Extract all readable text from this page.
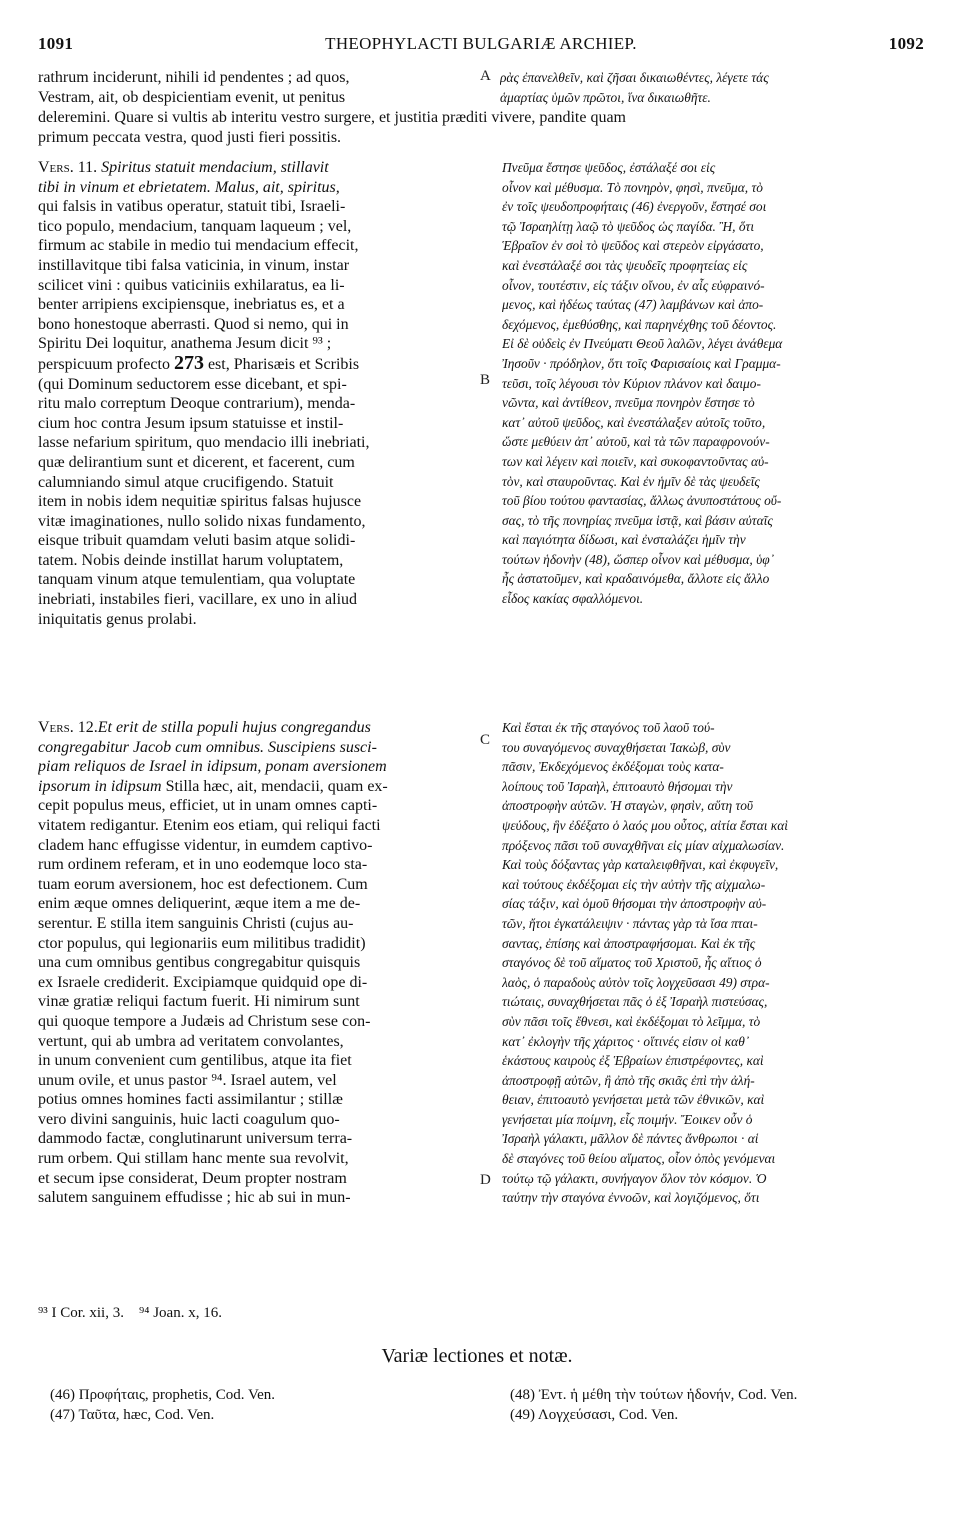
1091	THEOPHYLACTI BULGARIÆ ARCHIEP.	1092
rathrum inciderunt, nihili id pendentes ; ad quos,
Vestram, ait, ob despicientiam evenit, ut penitus
A ρὰς ἐπανελθεῖν, καὶ ζῆσαι δικαιωθέντες, λέγετε τάς
ἁμαρτίας ὑμῶν πρῶτοι, ἵνα δικαιωθῆτε.
deleremini. Quare si vultis ab interitu vestro surgere, et justitia præditi vivere, pandite quam
primum peccata vestra, quod justi fieri possitis.
Vers. 11. Spiritus statuit mendacium, stillavit
tibi in vinum et ebrietatem. Malus, ait, spiritus,
qui falsis in vatibus operatur, statuit tibi, Israeli-
tico populo, mendacium, tanquam laqueum ; vel,
firmum ac stabile in medio tui mendacium effecit,
instillavitque tibi falsa vaticinia, in vinum, instar
scilicet vini : quibus vaticiniis exhilaratus, ea li-
benter arripiens excipiensque, inebriatus es, et a
bono honestoque aberrasti. Quod si nemo, qui in
Spiritu Dei loquitur, anathema Jesum dicit ⁹³ ;
perspicuum profecto 273 est, Pharisæis et Scribis
(qui Dominum seductorem esse dicebant, et spi-
ritu malo correptum Deoque contrarium), menda-
cium hoc contra Jesum ipsum statuisse et instil-
lasse nefarium spiritum, quo mendacio illi inebriati,
quæ delirantium sunt et dicerent, et facerent, cum
calumniando simul atque crucifigendo. Statuit
item in nobis idem nequitiæ spiritus falsas hujusce
vitæ imaginationes, nullo solido nixas fundamento,
eisque tribuit quamdam veluti basim atque solidi-
tatem. Nobis deinde instillat harum voluptatem,
tanquam vinum atque temulentiam, qua voluptate
inebriati, instabiles fieri, vacillare, ex uno in aliud
iniquitatis genus prolabi.
B
Πνεῦμα ἔστησε ψεῦδος, ἐστάλαξέ σοι εἰς
οἶνον καὶ μέθυσμα. Τὸ πονηρὸν, φησὶ, πνεῦμα, τὸ
ἐν τοῖς ψευδοπροφήταις (46) ἐνεργοῦν, ἔστησέ σοι
τῷ Ἰσραηλίτῃ λαῷ τὸ ψεῦδος ὡς παγίδα. Ἢ, ὅτι
Ἑβραῖον ἐν σοὶ τὸ ψεῦδος καὶ στερεὸν εἰργάσατο,
καὶ ἐνεστάλαξέ σοι τὰς ψευδεῖς προφητείας εἰς
οἶνον, τουτέστιν, εἰς τάξιν οἴνου, ἐν αἷς εὐφραινό-
μενος, καὶ ἡδέως ταύτας (47) λαμβάνων καὶ ἀπο-
δεχόμενος, ἐμεθύσθης, καὶ παρηνέχθης τοῦ δέοντος.
Εἰ δὲ οὐδεὶς ἐν Πνεύματι Θεοῦ λαλῶν, λέγει ἀνάθεμα
Ἰησοῦν · πρόδηλον, ὅτι τοῖς Φαρισαίοις καὶ Γραμμα-
τεῦσι, τοῖς λέγουσι τὸν Κύριον πλάνον καὶ δαιμο-
νῶντα, καὶ ἀντίθεον, πνεῦμα πονηρὸν ἔστησε τὸ
κατ᾽ αὐτοῦ ψεῦδος, καὶ ἐνεστάλαξεν αὐτοῖς τοῦτο,
ὥστε μεθύειν ἀπ᾽ αὐτοῦ, καὶ τὰ τῶν παραφρονούν-
των καὶ λέγειν καὶ ποιεῖν, καὶ συκοφαντοῦντας αὐ-
τὸν, καὶ σταυροῦντας. Καὶ ἐν ἡμῖν δὲ τὰς ψευδεῖς
τοῦ βίου τούτου φαντασίας, ἄλλως ἀνυποστάτους οὔ-
σας, τὸ τῆς πονηρίας πνεῦμα ἱστᾷ, καὶ βάσιν αὐταῖς
καὶ παγιότητα δίδωσι, καὶ ἐνσταλάζει ἡμῖν τὴν
τούτων ἡδονὴν (48), ὥσπερ οἶνον καὶ μέθυσμα, ὑφ᾽
ἧς ἀστατοῦμεν, καὶ κραδαινόμεθα, ἄλλοτε εἰς ἄλλο
εἶδος κακίας σφαλλόμενοι.
Vers. 12.Et erit de stilla populi hujus congregandus
congregabitur Jacob cum omnibus. Suscipiens susci-
piam reliquos de Israel in idipsum, ponam aversionem
ipsorum in idipsum Stilla hæc, ait, mendacii, quam ex-
cepit populus meus, efficiet, ut in unam omnes capti-
vitatem redigantur. Etenim eos etiam, qui reliqui facti
cladem hanc effugisse videntur, in eumdem captivo-
rum ordinem referam, et in uno eodemque loco sta-
tuam eorum aversionem, hoc est defectionem. Cum
enim æque omnes deliquerint, æque item a me de-
serentur. E stilla item sanguinis Christi (cujus au-
ctor populus, qui legionariis eum militibus tradidit)
una cum omnibus gentibus congregabitur quisquis
ex Israele crediderit. Excipiamque quidquid ope di-
vinæ gratiæ reliqui factum fuerit. Hi nimirum sunt
qui quoque tempore a Judæis ad Christum sese con-
vertunt, qui ab umbra ad veritatem convolantes,
in unum convenient cum gentilibus, atque ita fiet
unum ovile, et unus pastor ⁹⁴. Israel autem, vel
potius omnes homines facti assimilantur ; stillæ
vero divini sanguinis, huic lacti coagulum quo-
dammodo factæ, conglutinarunt universum terra-
rum orbem. Qui stillam hanc mente sua revolvit,
et secum ipse considerat, Deum propter nostram
salutem sanguinem effudisse ; hic ab sui in mun-
C
D
Καὶ ἔσται ἐκ τῆς σταγόνος τοῦ λαοῦ τού-
του συναγόμενος συναχθήσεται Ἰακὼβ, σὺν
πᾶσιν, Ἐκδεχόμενος ἐκδέξομαι τοὺς κατα-
λοίπους τοῦ Ἰσραὴλ, ἐπιτοαυτὸ θήσομαι τὴν
ἀποστροφὴν αὐτῶν. Ἡ σταγὼν, φησὶν, αὕτη τοῦ
ψεύδους, ἣν ἐδέξατο ὁ λαός μου οὗτος, αἰτία ἔσται καὶ
πρόξενος πᾶσι τοῦ συναχθῆναι εἰς μίαν αἰχμαλωσίαν.
Καὶ τοὺς δόξαντας γὰρ καταλειφθῆναι, καὶ ἐκφυγεῖν,
καὶ τούτους ἐκδέξομαι εἰς τὴν αὐτὴν τῆς αἰχμαλω-
σίας τάξιν, καὶ ὁμοῦ θήσομαι τὴν ἀποστροφὴν αὐ-
τῶν, ἤτοι ἐγκατάλειψιν · πάντας γὰρ τὰ ἴσα πται-
σαντας, ἐπίσης καὶ ἀποστραφήσομαι. Καὶ ἐκ τῆς
σταγόνος δὲ τοῦ αἵματος τοῦ Χριστοῦ, ἧς αἴτιος ὁ
λαὸς, ὁ παραδοὺς αὐτὸν τοῖς λογχεῦσασι 49) στρα-
τιώταις, συναχθήσεται πᾶς ὁ ἐξ Ἰσραὴλ πιστεύσας,
σὺν πᾶσι τοῖς ἔθνεσι, καὶ ἐκδέξομαι τὸ λεῖμμα, τὸ
κατ᾽ ἐκλογὴν τῆς χάριτος · οἵτινές εἰσιν οἱ καθ᾽
ἑκάστους καιροὺς ἐξ Ἑβραίων ἐπιστρέφοντες, καὶ
ἀποστροφῇ αὐτῶν, ἢ ἀπὸ τῆς σκιᾶς ἐπὶ τὴν ἀλή-
θειαν, ἐπιτοαυτὸ γενήσεται μετὰ τῶν ἐθνικῶν, καὶ
γενήσεται μία ποίμνη, εἷς ποιμήν. Ἔοικεν οὖν ὁ
Ἰσραὴλ γάλακτι, μᾶλλον δὲ πάντες ἄνθρωποι · αἱ
δὲ σταγόνες τοῦ θείου αἵματος, οἷον ὀπὸς γενόμεναι
τούτῳ τῷ γάλακτι, συνήγαγον ὅλον τὸν κόσμον. Ὁ
ταύτην τὴν σταγόνα ἐννοῶν, καὶ λογιζόμενος, ὅτι
⁹³ I Cor. xii, 3. ⁹⁴ Joan. x, 16.
Variæ lectiones et notæ.
(46) Προφήταις, prophetis, Cod. Ven.
(47) Ταῦτα, hæc, Cod. Ven.
(48) Ἐντ. ἡ μέθη τὴν τούτων ἡδονήν, Cod. Ven.
(49) Λογχεύσασι, Cod. Ven.
